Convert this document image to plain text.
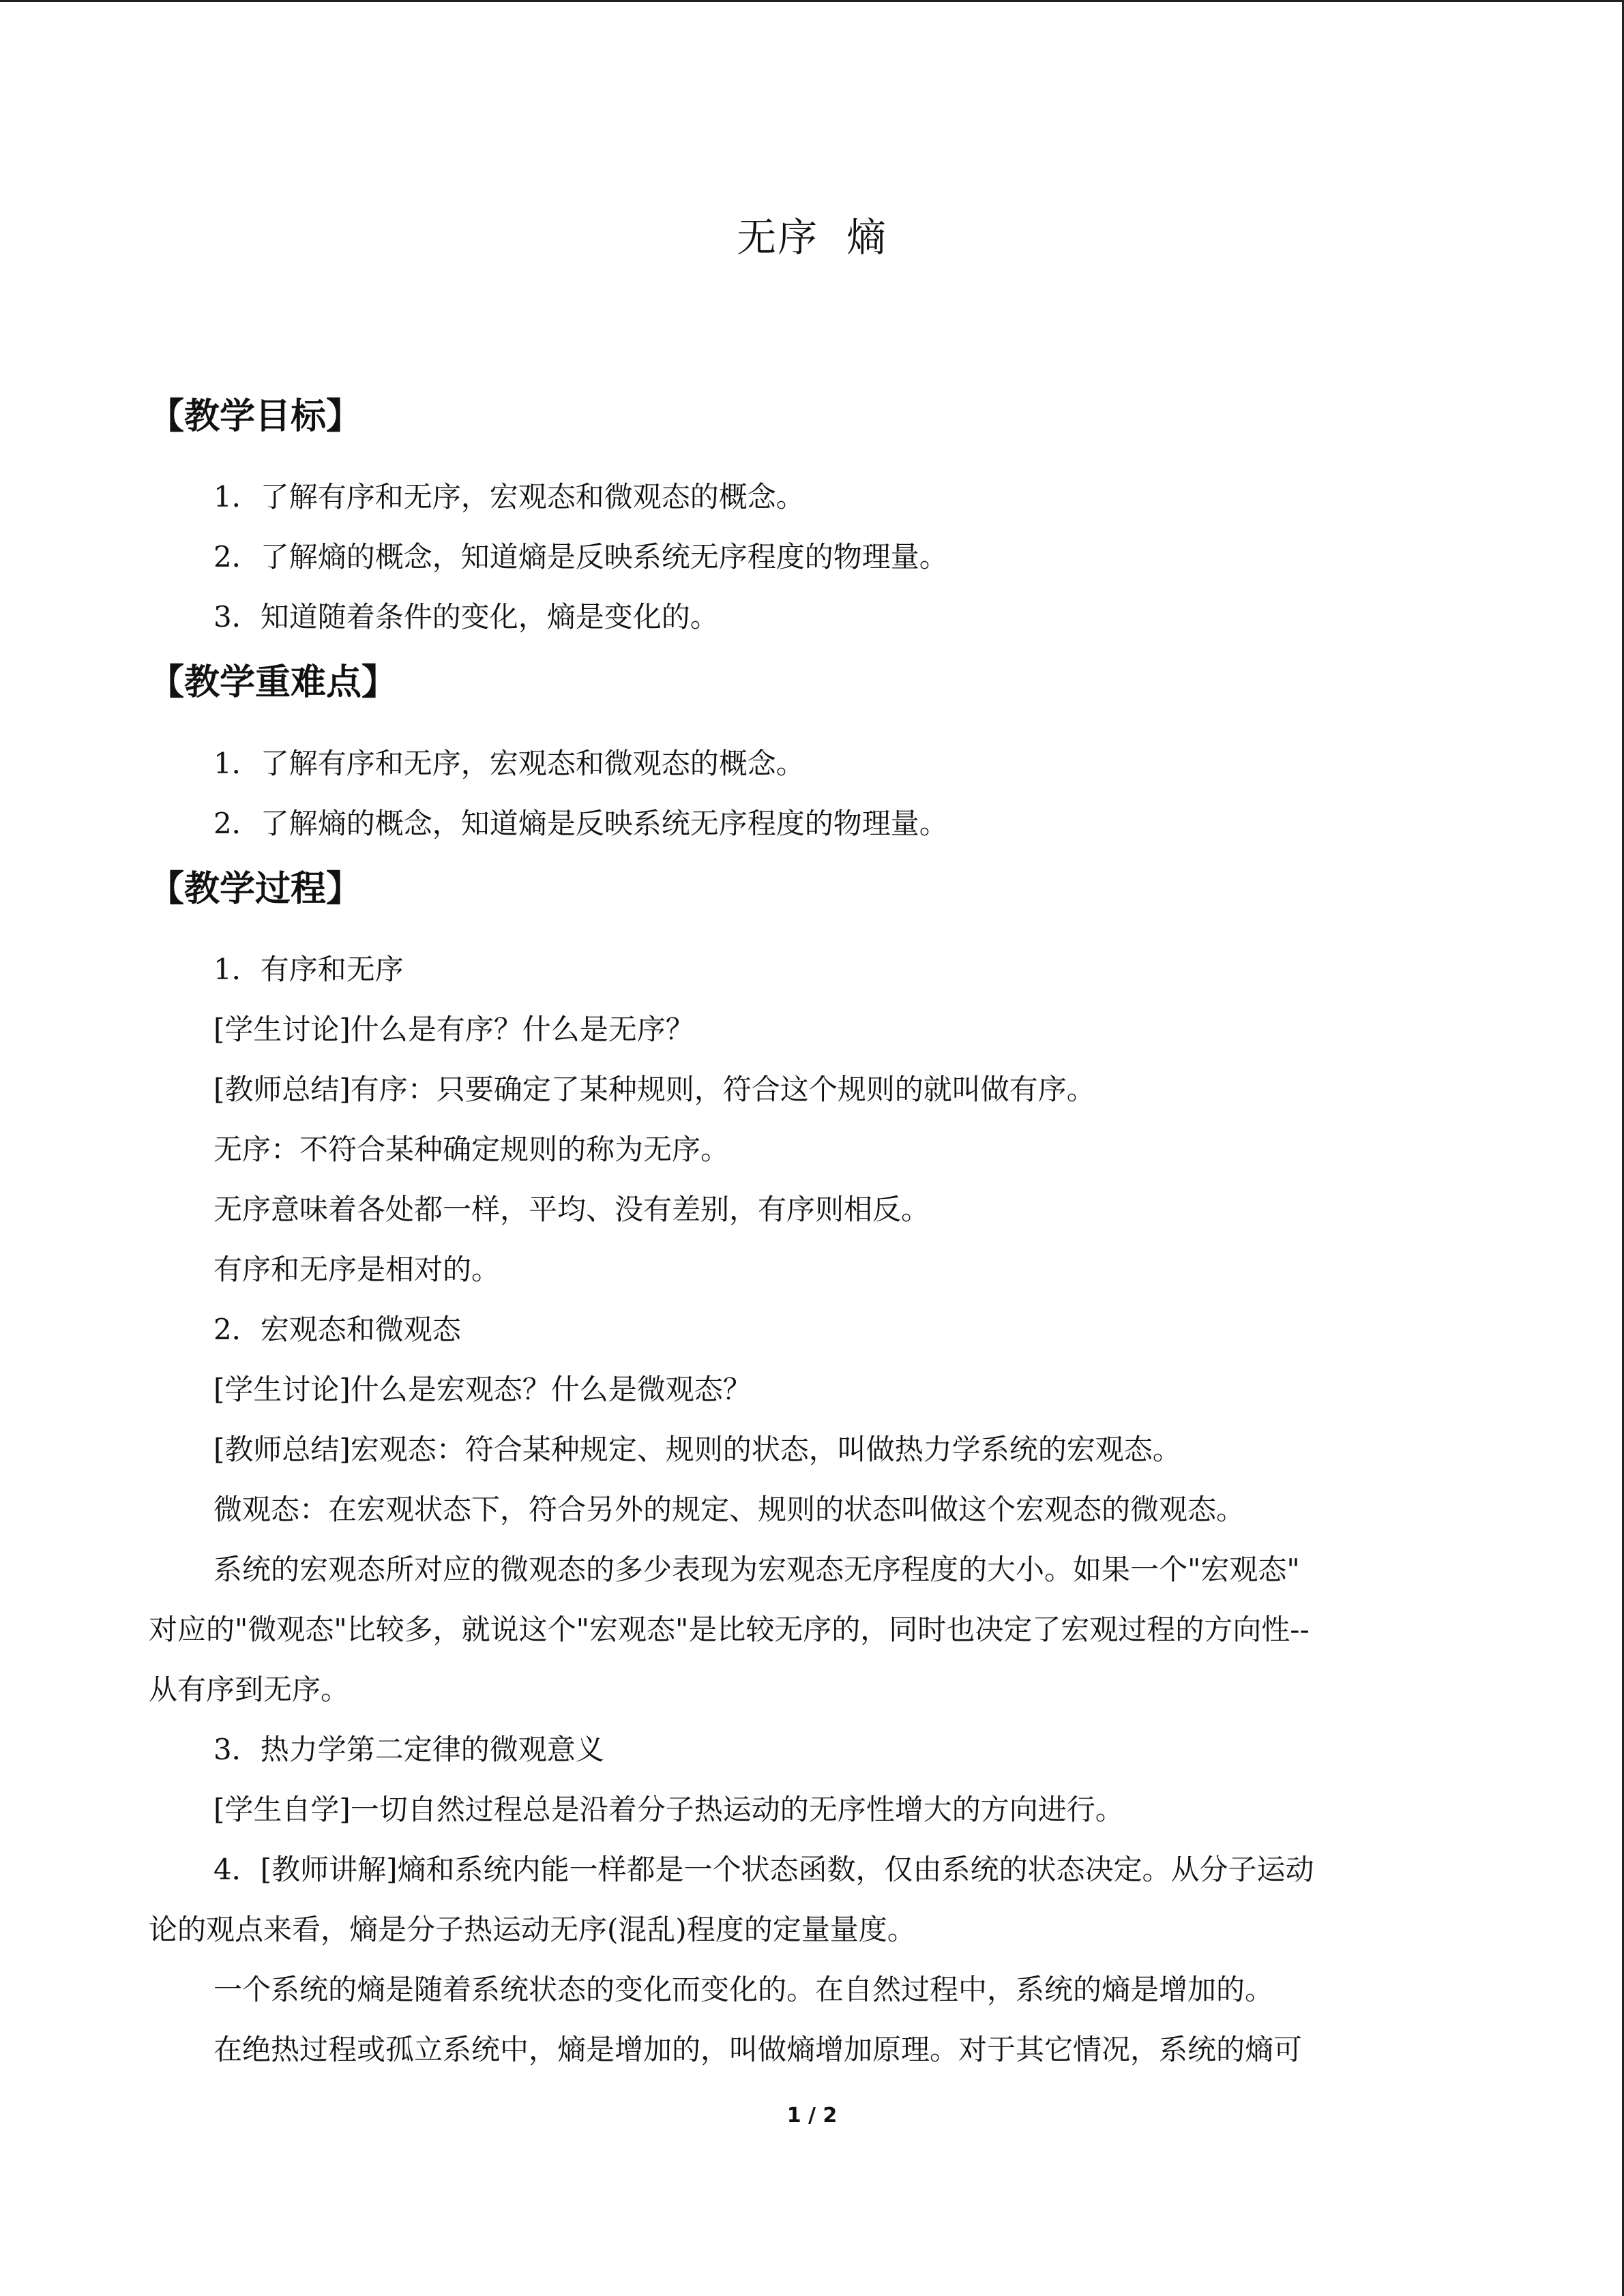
无序  熵
【教学目标】
1．了解有序和无序，宏观态和微观态的概念。
2．了解熵的概念，知道熵是反映系统无序程度的物理量。
3．知道随着条件的变化，熵是变化的。
【教学重难点】
1．了解有序和无序，宏观态和微观态的概念。
2．了解熵的概念，知道熵是反映系统无序程度的物理量。
【教学过程】
1．有序和无序
[学生讨论]什么是有序？什么是无序？
[教师总结]有序：只要确定了某种规则，符合这个规则的就叫做有序。
无序：不符合某种确定规则的称为无序。
无序意味着各处都一样，平均、没有差别，有序则相反。
有序和无序是相对的。
2．宏观态和微观态
[学生讨论]什么是宏观态？什么是微观态？
[教师总结]宏观态：符合某种规定、规则的状态，叫做热力学系统的宏观态。
微观态：在宏观状态下，符合另外的规定、规则的状态叫做这个宏观态的微观态。
系统的宏观态所对应的微观态的多少表现为宏观态无序程度的大小。如果一个"宏观态"
对应的"微观态"比较多，就说这个"宏观态"是比较无序的，同时也决定了宏观过程的方向性--
从有序到无序。
3．热力学第二定律的微观意义
[学生自学]一切自然过程总是沿着分子热运动的无序性增大的方向进行。
4．[教师讲解]熵和系统内能一样都是一个状态函数，仅由系统的状态决定。从分子运动
论的观点来看，熵是分子热运动无序(混乱)程度的定量量度。
一个系统的熵是随着系统状态的变化而变化的。在自然过程中，系统的熵是增加的。
在绝热过程或孤立系统中，熵是增加的，叫做熵增加原理。对于其它情况，系统的熵可
1 / 2
